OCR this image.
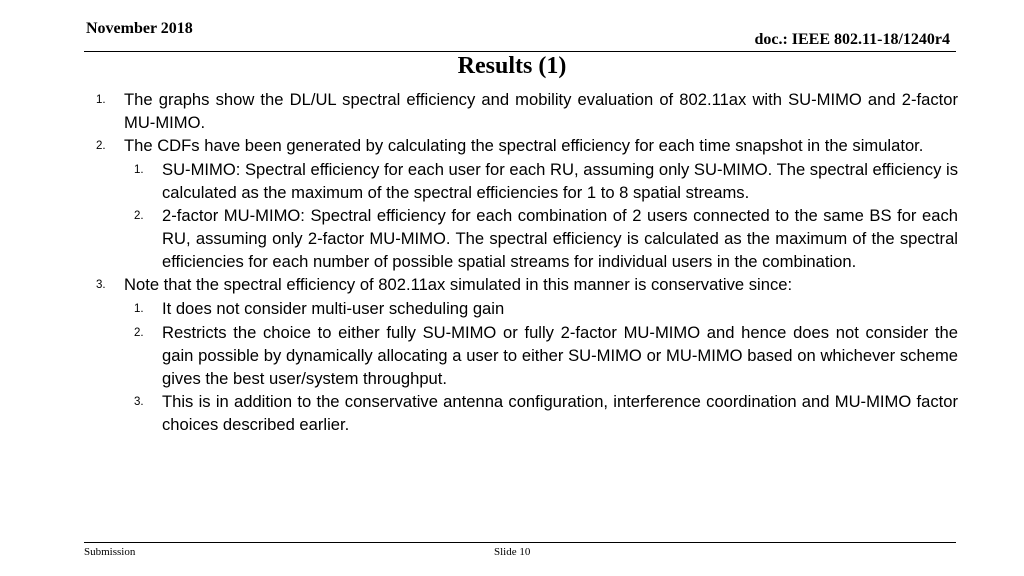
November 2018
doc.: IEEE 802.11-18/1240r4
Results (1)
1.	The graphs show the DL/UL spectral efficiency and mobility evaluation of 802.11ax with SU-MIMO and 2-factor MU-MIMO.
2.	The CDFs have been generated by calculating the spectral efficiency for each time snapshot in the simulator.
1.	SU-MIMO: Spectral efficiency for each user for each RU, assuming only SU-MIMO. The spectral efficiency is calculated as the maximum of the spectral efficiencies for 1 to 8 spatial streams.
2.	2-factor MU-MIMO: Spectral efficiency for each combination of 2 users connected to the same BS for each RU, assuming only 2-factor MU-MIMO. The spectral efficiency is calculated as the maximum of the spectral efficiencies for each number of possible spatial streams for individual users in the combination.
3.	Note that the spectral efficiency of 802.11ax simulated in this manner is conservative since:
1.	It does not consider multi-user scheduling gain
2.	Restricts the choice to either fully SU-MIMO or fully 2-factor MU-MIMO and hence does not consider the gain possible by dynamically allocating a user to either SU-MIMO or MU-MIMO based on whichever scheme gives the best user/system throughput.
3.	This is in addition to the conservative antenna configuration, interference coordination and MU-MIMO factor choices described earlier.
Submission	Slide 10
